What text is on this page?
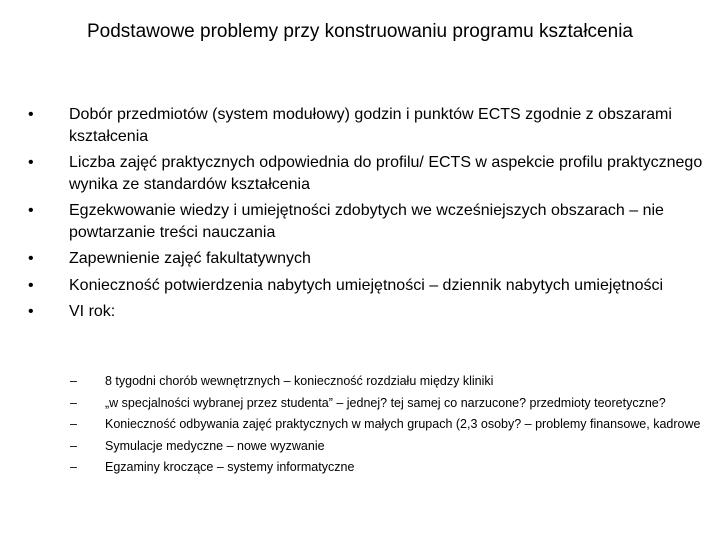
Podstawowe problemy przy konstruowaniu programu kształcenia
•	Dobór przedmiotów (system modułowy) godzin i punktów ECTS zgodnie z obszarami kształcenia
•	Liczba zajęć praktycznych odpowiednia do profilu/ ECTS w aspekcie profilu praktycznego wynika ze standardów kształcenia
•	Egzekwowanie wiedzy i umiejętności zdobytych we wcześniejszych obszarach – nie powtarzanie treści nauczania
•	Zapewnienie zajęć fakultatywnych
•	Konieczność potwierdzenia nabytych umiejętności – dziennik nabytych umiejętności
•	VI rok:
– 8 tygodni chorób wewnętrznych – konieczność rozdziału między kliniki
– „w specjalności wybranej przez studenta” – jednej? tej samej co narzucone? przedmioty teoretyczne?
– Konieczność odbywania zajęć praktycznych w małych grupach (2,3 osoby? – problemy finansowe, kadrowe
– Symulacje medyczne – nowe wyzwanie
– Egzaminy kroczące – systemy informatyczne
